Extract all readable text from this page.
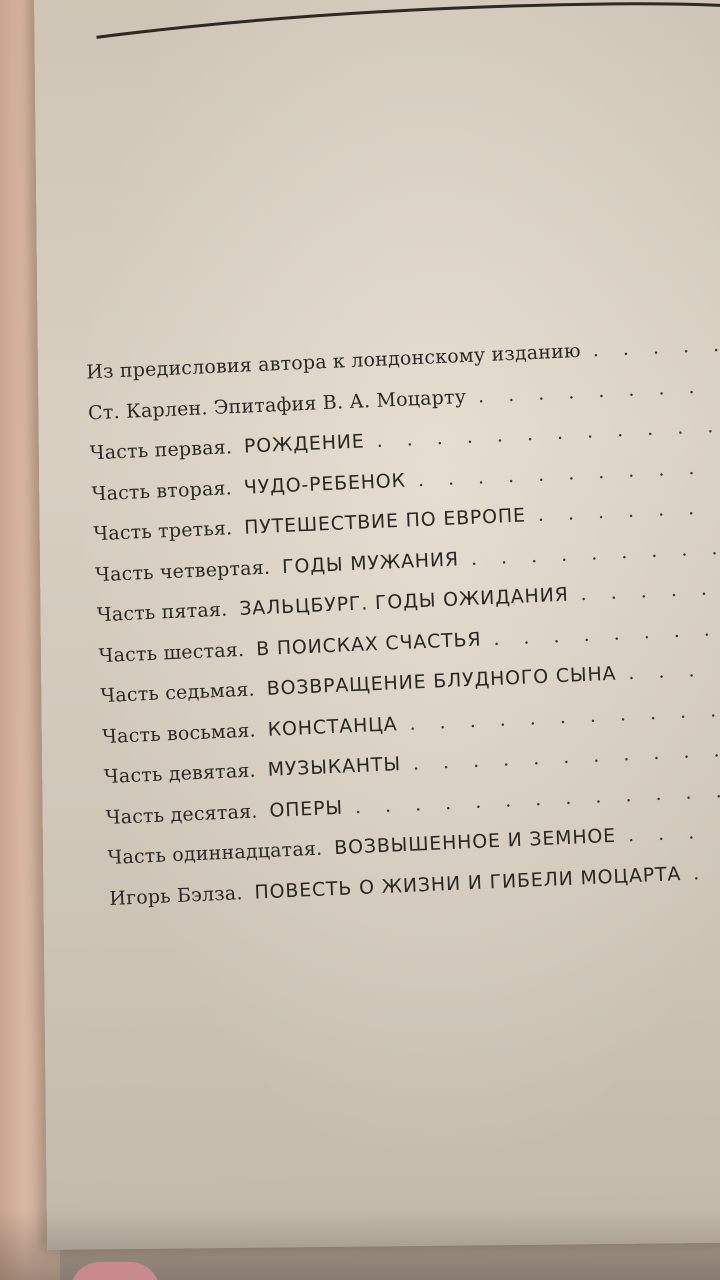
Из предисловия автора к лондонскому изданию
. . .
Ст. Карлен. Эпитафия В. А. Моцарту
. . .
Часть первая. РОЖДЕНИЕ
. . .
Часть вторая. ЧУДО-РЕБЕНОК
. . .
Часть третья. ПУТЕШЕСТВИЕ ПО ЕВРОПЕ
. . .
Часть четвертая. ГОДЫ МУЖАНИЯ
. . .
Часть пятая. ЗАЛЬЦБУРГ. ГОДЫ ОЖИДАНИЯ
. . .
Часть шестая. В ПОИСКАХ СЧАСТЬЯ
. . .
Часть седьмая. ВОЗВРАЩЕНИЕ БЛУДНОГО СЫНА
. . .
Часть восьмая. КОНСТАНЦА
. . .
Часть девятая. МУЗЫКАНТЫ
. . .
Часть десятая. ОПЕРЫ
. . .
Часть одиннадцатая. ВОЗВЫШЕННОЕ И ЗЕМНОЕ
. . .
Игорь Бэлза. ПОВЕСТЬ О ЖИЗНИ И ГИБЕЛИ МОЦАРТА
. . .
